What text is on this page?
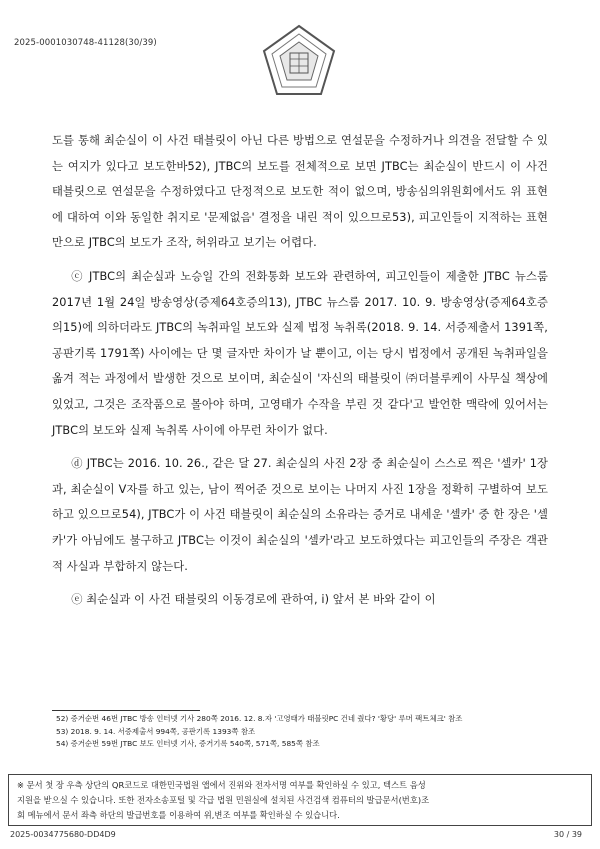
2025-0001030748-41128(30/39)

도를 통해 최순실이 이 사건 태블릿이 아닌 다른 방법으로 연설문을 수정하거나 의견을 전달할 수 있는 여지가 있다고 보도한바52), JTBC의 보도를 전체적으로 보면 JTBC는 최순실이 반드시 이 사건 태블릿으로 연설문을 수정하였다고 단정적으로 보도한 적이 없으며, 방송심의위원회에서도 위 표현에 대하여 이와 동일한 취지로 '문제없음' 결정을 내린 적이 있으므로53), 피고인들이 지적하는 표현만으로 JTBC의 보도가 조작, 허위라고 보기는 어렵다.

ⓒ JTBC의 최순실과 노승일 간의 전화통화 보도와 관련하여, 피고인들이 제출한 JTBC 뉴스룸 2017년 1월 24일 방송영상(증제64호증의13), JTBC 뉴스룸 2017. 10. 9. 방송영상(증제64호증의15)에 의하더라도 JTBC의 녹취파일 보도와 실제 법정 녹취록(2018. 9. 14. 서증제출서 1391쪽, 공판기록 1791쪽) 사이에는 단 몇 글자만 차이가 날 뿐이고, 이는 당시 법정에서 공개된 녹취파일을 옮겨 적는 과정에서 발생한 것으로 보이며, 최순실이 '자신의 태블릿이 ㈜더블루케이 사무실 책상에 있었고, 그것은 조작품으로 몰아야 하며, 고영태가 수작을 부린 것 같다'고 발언한 맥락에 있어서는 JTBC의 보도와 실제 녹취록 사이에 아무런 차이가 없다.

ⓓ JTBC는 2016. 10. 26., 같은 달 27. 최순실의 사진 2장 중 최순실이 스스로 찍은 '셀카' 1장과, 최순실이 V자를 하고 있는, 남이 찍어준 것으로 보이는 나머지 사진 1장을 정확히 구별하여 보도하고 있으므로54), JTBC가 이 사건 태블릿이 최순실의 소유라는 증거로 내세운 '셀카' 중 한 장은 '셀카'가 아님에도 불구하고 JTBC는 이것이 최순실의 '셀카'라고 보도하였다는 피고인들의 주장은 객관적 사실과 부합하지 않는다.

ⓔ 최순실과 이 사건 태블릿의 이동경로에 관하여, i) 앞서 본 바와 같이 이

52) 증거순번 46번 JTBC 방송 인터넷 기사 280쪽 2016. 12. 8.자 '고영태가 태블릿PC 건네 줬다? '황당' 루머 팩트체크' 참조
53) 2018. 9. 14. 서증제출서 994쪽, 공판기록 1393쪽 참조
54) 증거순번 59번 JTBC 보도 인터넷 기사, 증거기록 540쪽, 571쪽, 585쪽 참조
※ 문서 첫 장 우측 상단의 QR코드로 대한민국법원 앱에서 진위와 전자서명 여부를 확인하실 수 있고, 텍스트 음성
지원을 받으실 수 있습니다. 또한 전자소송포털 및 각급 법원 민원실에 설치된 사건검색 컴퓨터의 발급문서(번호)조
회 메뉴에서 문서 좌측 하단의 발급번호를 이용하여 위,변조 여부를 확인하실 수 있습니다.
2025-0034775680-DD4D9	30 / 39
